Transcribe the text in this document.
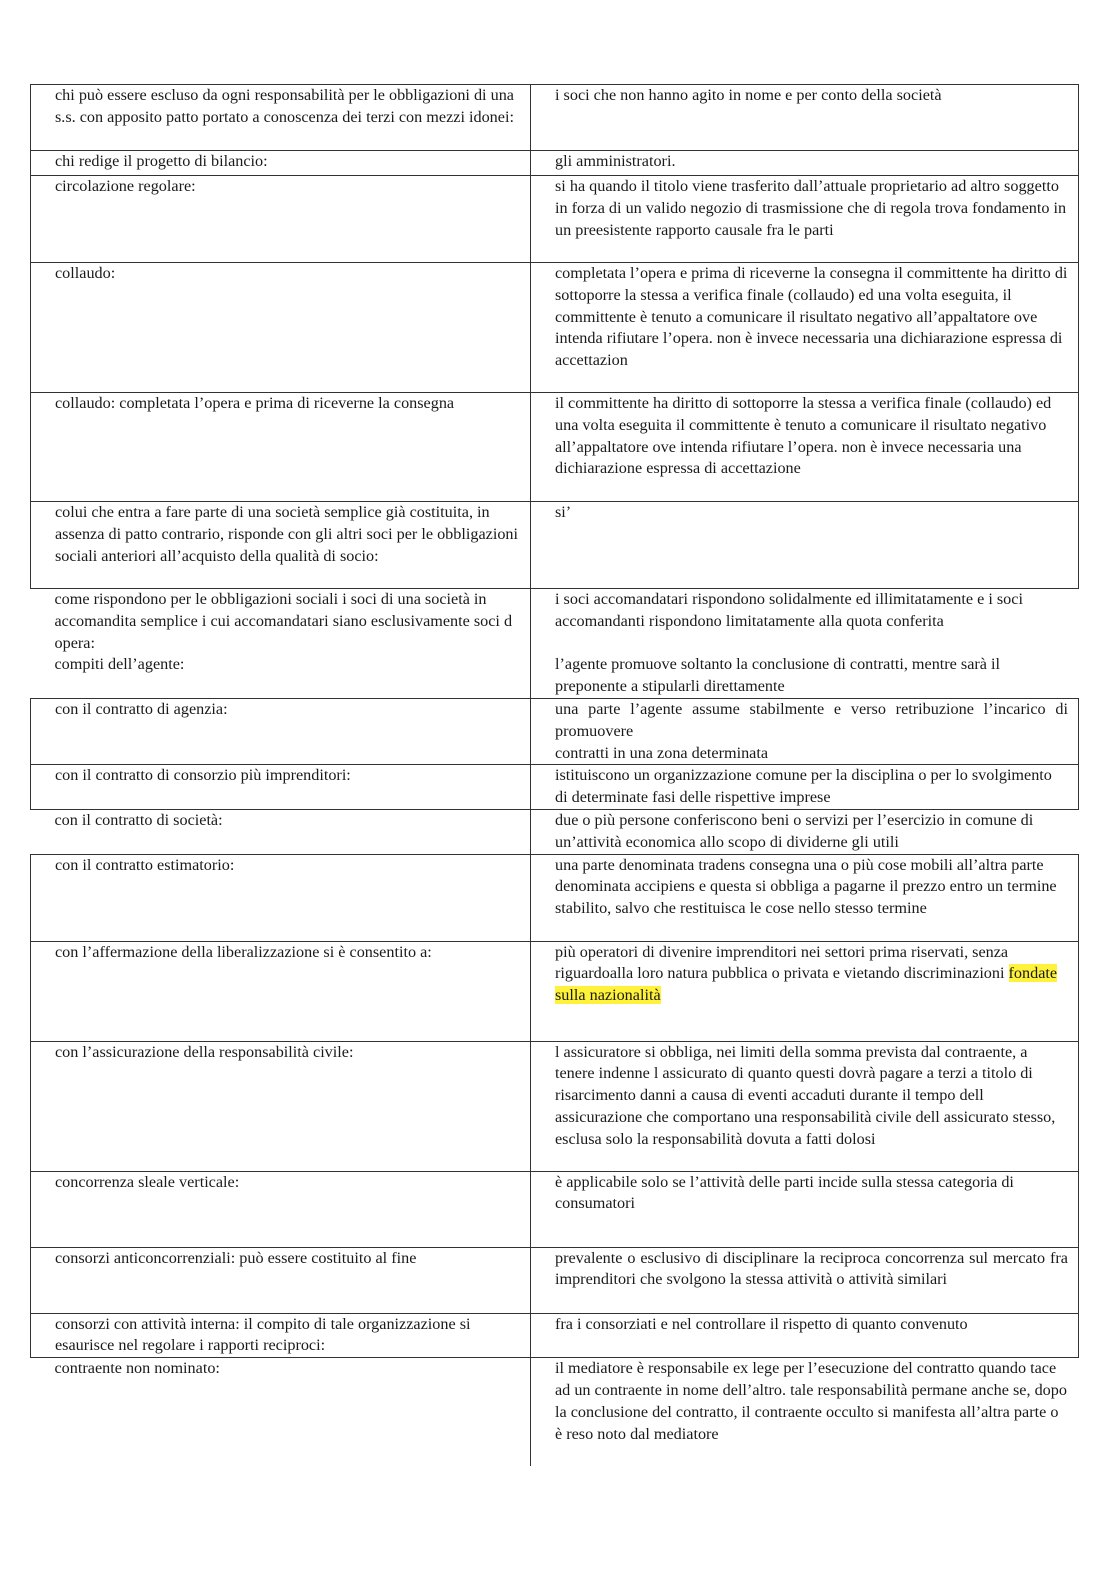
chi può essere escluso da ogni responsabilità per le obbligazioni di una s.s. con apposito patto portato a conoscenza dei terzi con mezzi idonei:	i soci che non hanno agito in nome e per conto della società
chi redige il progetto di bilancio:	gli amministratori.
circolazione regolare:	si ha quando il titolo viene trasferito dall’attuale proprietario ad altro soggetto in forza di un valido negozio di trasmissione che di regola trova fondamento in un preesistente rapporto causale fra le parti
collaudo:	completata l’opera e prima di riceverne la consegna il committente ha diritto di sottoporre la stessa a verifica finale (collaudo) ed una volta eseguita, il committente è tenuto a comunicare il risultato negativo all’appaltatore ove intenda rifiutare l’opera. non è invece necessaria una dichiarazione espressa di accettazion
collaudo: completata l’opera e prima di riceverne la consegna	il committente ha diritto di sottoporre la stessa a verifica finale (collaudo) ed una volta eseguita il committente è tenuto a comunicare il risultato negativo all’appaltatore ove intenda rifiutare l’opera. non è invece necessaria una dichiarazione espressa di accettazione
colui che entra a fare parte di una società semplice già costituita, in assenza di patto contrario, risponde con gli altri soci per le obbligazioni sociali anteriori all’acquisto della qualità di socio:	si’
come rispondono per le obbligazioni sociali i soci di una società in accomandita semplice i cui accomandatari siano esclusivamente soci d opera:	i soci accomandatari rispondono solidalmente ed illimitatamente e i soci accomandanti rispondono limitatamente alla quota conferita
compiti dell’agente:	l’agente promuove soltanto la conclusione di contratti, mentre sarà il preponente a stipularli direttamente
con il contratto di agenzia:	una parte l’agente assume stabilmente e verso retribuzione l’incarico di promuovere
contratti in una zona determinata

con il contratto di consorzio più imprenditori:	istituiscono un organizzazione comune per la disciplina o per lo svolgimento di determinate fasi delle rispettive imprese
con il contratto di società:	due o più persone conferiscono beni o servizi per l’esercizio in comune di un’attività economica allo scopo di dividerne gli utili
con il contratto estimatorio:	una parte denominata tradens consegna una o più cose mobili all’altra parte denominata accipiens e questa si obbliga a pagarne il prezzo entro un termine stabilito, salvo che restituisca le cose nello stesso termine
con l’affermazione della liberalizzazione si è consentito a:	più operatori di divenire imprenditori nei settori prima riservati, senza riguardoalla loro natura pubblica o privata e vietando discriminazioni fondate sulla nazionalità
con l’assicurazione della responsabilità civile:	l assicuratore si obbliga, nei limiti della somma prevista dal contraente, a tenere indenne l assicurato di quanto questi dovrà pagare a terzi a titolo di risarcimento danni a causa di eventi accaduti durante il tempo dell assicurazione che comportano una responsabilità civile dell assicurato stesso, esclusa solo la responsabilità dovuta a fatti dolosi
concorrenza sleale verticale:	è applicabile solo se l’attività delle parti incide sulla stessa categoria di consumatori
consorzi anticoncorrenziali: può essere costituito al fine	prevalente o esclusivo di disciplinare la reciproca concorrenza sul mercato fra imprenditori che svolgono la stessa attività o attività similari
consorzi con attività interna: il compito di tale organizzazione si esaurisce nel regolare i rapporti reciproci:	fra i consorziati e nel controllare il rispetto di quanto convenuto
contraente non nominato:	il mediatore è responsabile ex lege per l’esecuzione del contratto quando tace ad un contraente in nome dell’altro. tale responsabilità permane anche se, dopo la conclusione del contratto, il contraente occulto si manifesta all’altra parte o è reso noto dal mediatore
